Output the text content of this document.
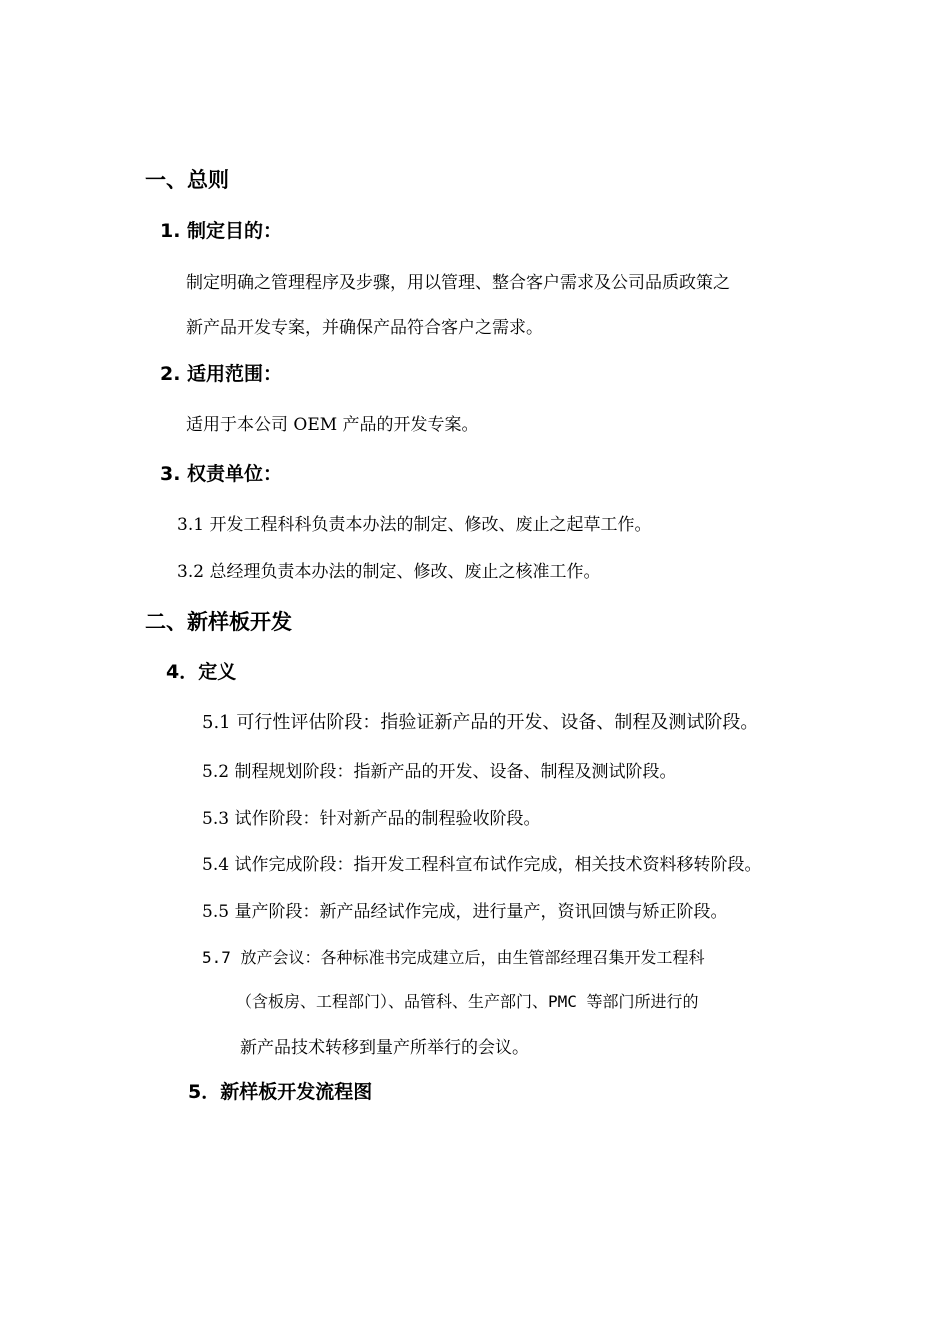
一、总则
1. 制定目的：
制定明确之管理程序及步骤，用以管理、整合客户需求及公司品质政策之
新产品开发专案，并确保产品符合客户之需求。
2. 适用范围：
适用于本公司 OEM 产品的开发专案。
3. 权责单位：
3.1 开发工程科科负责本办法的制定、修改、废止之起草工作。
3.2 总经理负责本办法的制定、修改、废止之核准工作。
二、新样板开发
4．定义
5.1 可行性评估阶段：指验证新产品的开发、设备、制程及测试阶段。
5.2 制程规划阶段：指新产品的开发、设备、制程及测试阶段。
5.3 试作阶段：针对新产品的制程验收阶段。
5.4 试作完成阶段：指开发工程科宣布试作完成，相关技术资料移转阶段。
5.5 量产阶段：新产品经试作完成，进行量产，资讯回馈与矫正阶段。
5.7 放产会议：各种标准书完成建立后，由生管部经理召集开发工程科
（含板房、工程部门）、品管科、生产部门、PMC 等部门所进行的
新产品技术转移到量产所举行的会议。
5．新样板开发流程图
